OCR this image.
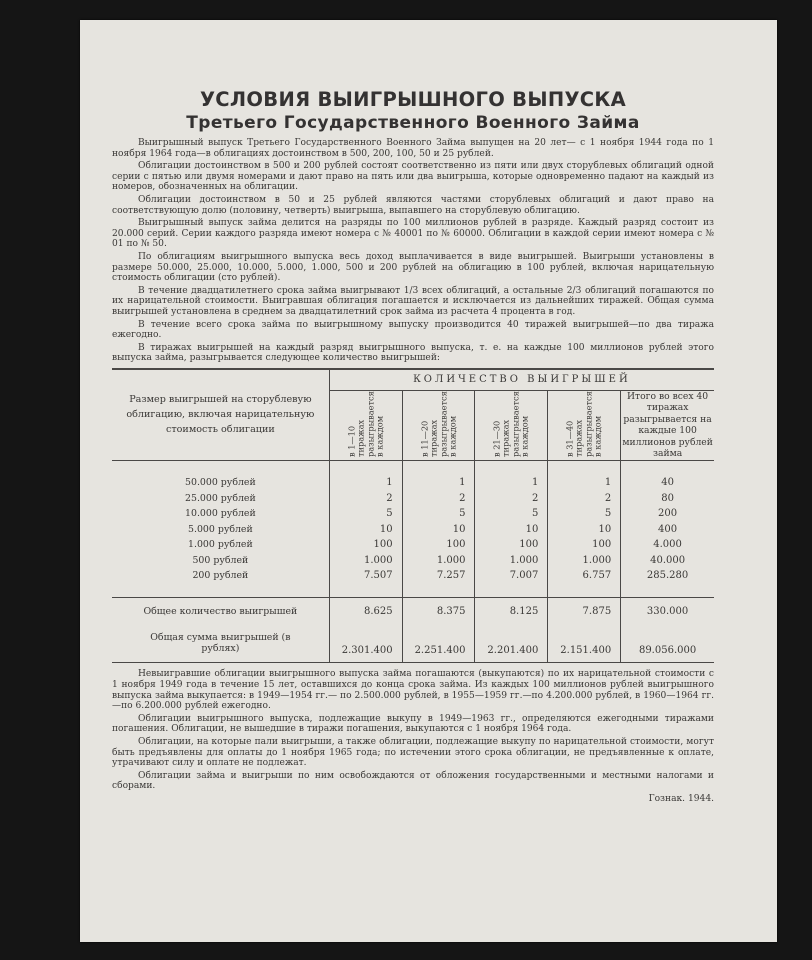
УСЛОВИЯ ВЫИГРЫШНОГО ВЫПУСКА
Третьего Государственного Военного Займа

Выигрышный выпуск Третьего Государственного Военного Займа выпущен на 20 лет— с 1 ноября 1944 года по 1 ноября 1964 года—в облигациях достоинством в 500, 200, 100, 50 и 25 рублей.

Облигации достоинством в 500 и 200 рублей состоят соответственно из пяти или двух сторублевых облигаций одной серии с пятью или двумя номерами и дают право на пять или два выигрыша, которые одновременно падают на каждый из номеров, обозначенных на облигации.

Облигации достоинством в 50 и 25 рублей являются частями сторублевых облигаций и дают право на соответствующую долю (половину, четверть) выигрыша, выпавшего на сторублевую облигацию.

Выигрышный выпуск займа делится на разряды по 100 миллионов рублей в разряде. Каждый разряд состоит из 20.000 серий. Серии каждого разряда имеют номера с № 40001 по № 60000. Облигации в каждой серии имеют номера с № 01 по № 50.

По облигациям выигрышного выпуска весь доход выплачивается в виде выигрышей. Выигрыши установлены в размере 50.000, 25.000, 10.000, 5.000, 1.000, 500 и 200 рублей на облигацию в 100 рублей, включая нарицательную стоимость облигации (сто рублей).

В течение двадцатилетнего срока займа выигрывают 1/3 всех облигаций, а остальные 2/3 облигаций погашаются по их нарицательной стоимости. Выигравшая облигация погашается и исключается из дальнейших тиражей. Общая сумма выигрышей установлена в среднем за двадцатилетний срок займа из расчета 4 процента в год.

В течение всего срока займа по выигрышному выпуску производится 40 тиражей выигрышей—по два тиража ежегодно.

В тиражах выигрышей на каждый разряд выигрышного выпуска, т. е. на каждые 100 миллионов рублей этого выпуска займа, разыгрывается следующее количество выигрышей:

Размер выигрышей на сторублевую облигацию, включая нарицательную стоимость облигации	КОЛИЧЕСТВО ВЫИГРЫШЕЙ				

	в 1—10 тиражах разыгрывается в каждом	в 11—20 тиражах разыгрывается в каждом	в 21—30 тиражах разыгрывается в каждом	в 31—40 тиражах разыгрывается в каждом	Итого во всех 40 тиражах разыгрывается на каждые 100 миллионов рублей займа

50.000 рублей	1	1	1	1	40
25.000 рублей	2	2	2	2	80
10.000 рублей	5	5	5	5	200
5.000 рублей	10	10	10	10	400
1.000 рублей	100	100	100	100	4.000
500 рублей	1.000	1.000	1.000	1.000	40.000
200 рублей	7.507	7.257	7.007	6.757	285.280

Общее количество выигрышей	8.625	8.375	8.125	7.875	330.000
Общая сумма выигрышей (в рублях)	2.301.400	2.251.400	2.201.400	2.151.400	89.056.000

Невыигравшие облигации выигрышного выпуска займа погашаются (выкупаются) по их нарицательной стоимости с 1 ноября 1949 года в течение 15 лет, оставшихся до конца срока займа. Из каждых 100 миллионов рублей выигрышного выпуска займа выкупается: в 1949—1954 гг.— по 2.500.000 рублей, в 1955—1959 гг.—по 4.200.000 рублей, в 1960—1964 гг.—по 6.200.000 рублей ежегодно.

Облигации выигрышного выпуска, подлежащие выкупу в 1949—1963 гг., определяются ежегодными тиражами погашения. Облигации, не вышедшие в тиражи погашения, выкупаются с 1 ноября 1964 года.

Облигации, на которые пали выигрыши, а также облигации, подлежащие выкупу по нарицательной стоимости, могут быть предъявлены для оплаты до 1 ноября 1965 года; по истечении этого срока облигации, не предъявленные к оплате, утрачивают силу и оплате не подлежат.

Облигации займа и выигрыши по ним освобождаются от обложения государственными и местными налогами и сборами.

Гознак. 1944.
